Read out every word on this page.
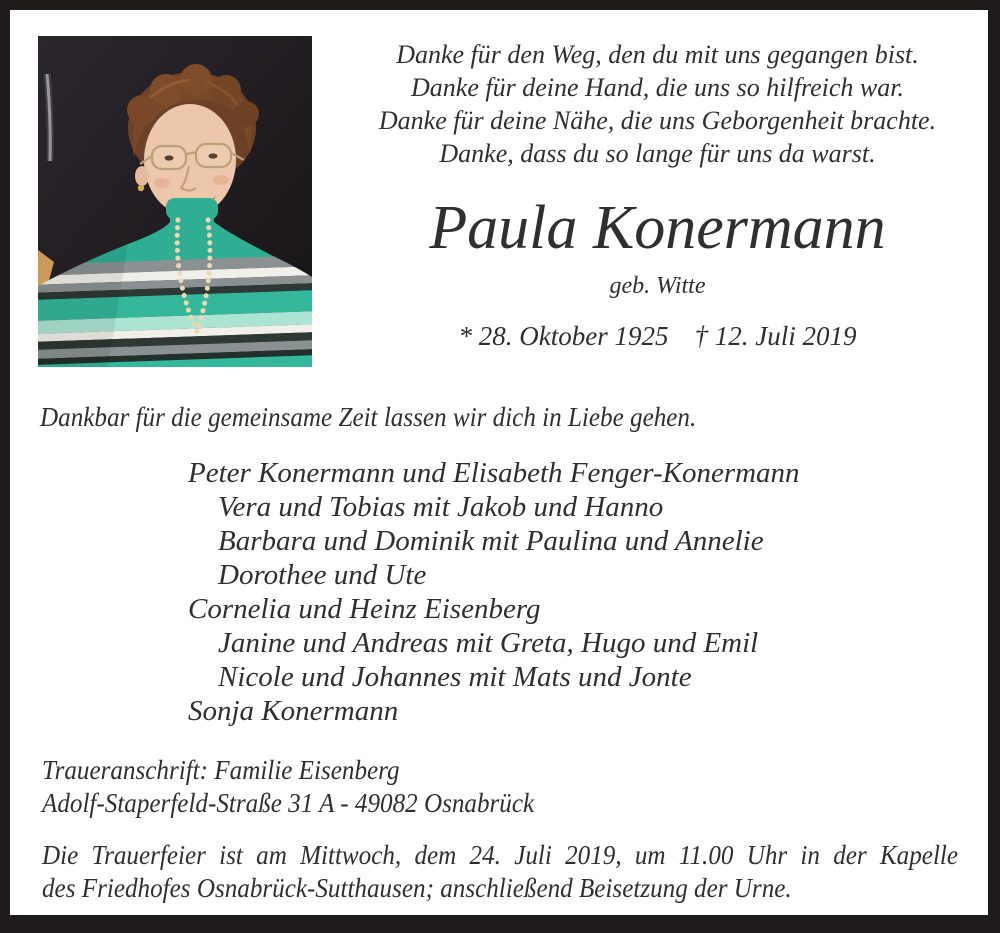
Danke für den Weg, den du mit uns gegangen bist.
Danke für deine Hand, die uns so hilfreich war.
Danke für deine Nähe, die uns Geborgenheit brachte.
Danke, dass du so lange für uns da warst.
Paula Konermann
geb. Witte
* 28. Oktober 1925 † 12. Juli 2019
Dankbar für die gemeinsame Zeit lassen wir dich in Liebe gehen.
Peter Konermann und Elisabeth Fenger-Konermann
Vera und Tobias mit Jakob und Hanno
Barbara und Dominik mit Paulina und Annelie
Dorothee und Ute
Cornelia und Heinz Eisenberg
Janine und Andreas mit Greta, Hugo und Emil
Nicole und Johannes mit Mats und Jonte
Sonja Konermann
Traueranschrift: Familie Eisenberg
Adolf-Staperfeld-Straße 31 A - 49082 Osnabrück
Die Trauerfeier ist am Mittwoch, dem 24. Juli 2019, um 11.00 Uhr in der Kapelle
des Friedhofes Osnabrück-Sutthausen; anschließend Beisetzung der Urne.
